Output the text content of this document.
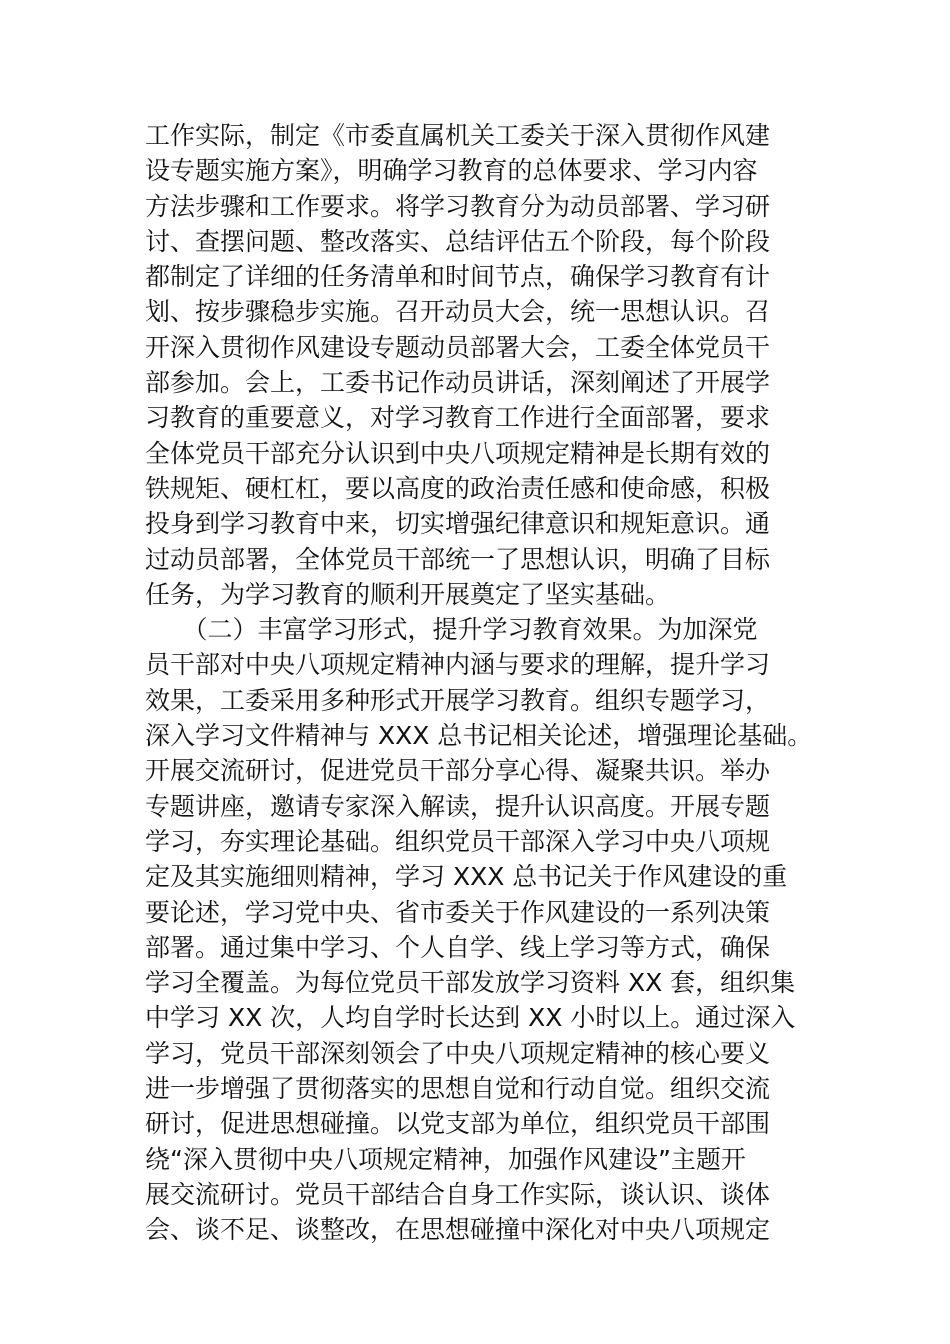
工作实际，制定《市委直属机关工委关于深入贯彻作风建
设专题实施方案》，明确学习教育的总体要求、学习内容
方法步骤和工作要求。将学习教育分为动员部署、学习研
讨、查摆问题、整改落实、总结评估五个阶段，每个阶段
都制定了详细的任务清单和时间节点，确保学习教育有计
划、按步骤稳步实施。召开动员大会，统一思想认识。召
开深入贯彻作风建设专题动员部署大会，工委全体党员干
部参加。会上，工委书记作动员讲话，深刻阐述了开展学
习教育的重要意义，对学习教育工作进行全面部署，要求
全体党员干部充分认识到中央八项规定精神是长期有效的
铁规矩、硬杠杠，要以高度的政治责任感和使命感，积极
投身到学习教育中来，切实增强纪律意识和规矩意识。通
过动员部署，全体党员干部统一了思想认识，明确了目标
任务，为学习教育的顺利开展奠定了坚实基础。
　　（二）丰富学习形式，提升学习教育效果。为加深党
员干部对中央八项规定精神内涵与要求的理解，提升学习
效果，工委采用多种形式开展学习教育。组织专题学习，
深入学习文件精神与 XXX 总书记相关论述，增强理论基础。
开展交流研讨，促进党员干部分享心得、凝聚共识。举办
专题讲座，邀请专家深入解读，提升认识高度。开展专题
学习，夯实理论基础。组织党员干部深入学习中央八项规
定及其实施细则精神，学习 XXX 总书记关于作风建设的重
要论述，学习党中央、省市委关于作风建设的一系列决策
部署。通过集中学习、个人自学、线上学习等方式，确保
学习全覆盖。为每位党员干部发放学习资料 XX 套，组织集
中学习 XX 次，人均自学时长达到 XX 小时以上。通过深入
学习，党员干部深刻领会了中央八项规定精神的核心要义
进一步增强了贯彻落实的思想自觉和行动自觉。组织交流
研讨，促进思想碰撞。以党支部为单位，组织党员干部围
绕“深入贯彻中央八项规定精神，加强作风建设”主题开
展交流研讨。党员干部结合自身工作实际，谈认识、谈体
会、谈不足、谈整改，在思想碰撞中深化对中央八项规定
